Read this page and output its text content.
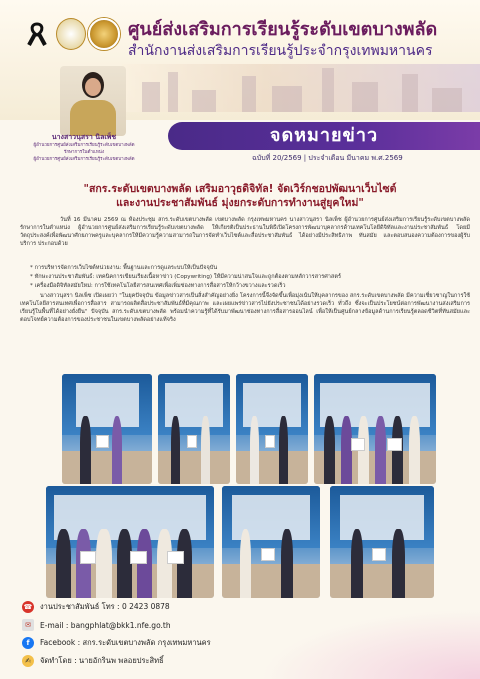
ศูนย์ส่งเสริมการเรียนรู้ระดับเขตบางพลัด
สำนักงานส่งเสริมการเรียนรู้ประจำกรุงเทพมหานคร
นางสาวนุสรา นิลเพ็ช
ผู้อำนวยการศูนย์ส่งเสริมการเรียนรู้ระดับเขตบางพลัด
รักษาการในตำแหน่ง
ผู้อำนวยการศูนย์ส่งเสริมการเรียนรู้ระดับเขตบางพลัด
จดหมายข่าว
ฉบับที่ 20/2569 | ประจำเดือน มีนาคม พ.ศ.2569
"สกร.ระดับเขตบางพลัด เสริมอาวุธดิจิทัล! จัดเวิร์กชอปพัฒนาเว็บไซต์
และงานประชาสัมพันธ์ มุ่งยกระดับการทำงานสู่ยุคใหม่"
วันที่ 16 มีนาคม 2569 ณ ห้องประชุม สกร.ระดับเขตบางพลัด เขตบางพลัด กรุงเทพมหานคร นางสาวนุสรา นิลเพ็ช ผู้อำนวยการศูนย์ส่งเสริมการเรียนรู้ระดับเขตบางพลัด รักษาการในตำแหน่ง ผู้อำนวยการศูนย์ส่งเสริมการเรียนรู้ระดับเขตบางพลัด ให้เกียรติเป็นประธานในพิธีเปิดโครงการพัฒนาบุคลากรด้านเทคโนโลยีดิจิทัลและงานประชาสัมพันธ์ โดยมีวัตถุประสงค์เพื่อพัฒนาศักยภาพครูและบุคลากรให้มีความรู้ความสามารถในการจัดทำเว็บไซต์และสื่อประชาสัมพันธ์ ได้อย่างมีประสิทธิภาพ ทันสมัย และตอบสนองความต้องการของผู้รับบริการ ประกอบด้วย
* การบริหารจัดการเว็บไซต์หน่วยงาน: พื้นฐานและการดูแลระบบให้เป็นปัจจุบัน
* ทักษะงานประชาสัมพันธ์: เทคนิคการเขียนเรียงเนื้อหาข่าว (Copywriting) ให้มีความน่าสนใจและถูกต้องตามหลักวารสารศาสตร์
* เครื่องมือดิจิทัลสมัยใหม่: การใช้เทคโนโลยีสารสนเทศเพื่อเพิ่มช่องทางการสื่อสารให้กว้างขวางและรวดเร็ว
นางสาวนุสรา นิลเพ็ช เปิดเผยว่า "ในยุคปัจจุบัน ข้อมูลข่าวสารเป็นสิ่งสำคัญอย่างยิ่ง โครงการนี้จึงจัดขึ้นเพื่อมุ่งเน้นให้บุคลากรของ สกร.ระดับเขตบางพลัด มีความเชี่ยวชาญในการใช้เทคโนโลยีสารสนเทศเพื่อการสื่อสาร สามารถผลิตสื่อประชาสัมพันธ์ที่มีคุณภาพ และเผยแพร่ข่าวสารไปยังประชาชนได้อย่างรวดเร็ว ทั่วถึง ซึ่งจะเป็นประโยชน์ต่อการพัฒนางานส่งเสริมการเรียนรู้ในพื้นที่ได้อย่างยั่งยืน" ปัจจุบัน สกร.ระดับเขตบางพลัด พร้อมนำความรู้ที่ได้รับมาพัฒนาช่องทางการสื่อสารออนไลน์ เพื่อให้เป็นศูนย์กลางข้อมูลด้านการเรียนรู้ตลอดชีวิตที่ทันสมัยและตอบโจทย์ความต้องการของประชาชนในเขตบางพลัดอย่างแท้จริง
☎ งานประชาสัมพันธ์ โทร : 0 2423 0878
✉	E-mail : bangphlat@bkk1.nfe.go.th
f	Facebook : สกร.ระดับเขตบางพลัด กรุงเทพมหานคร
✍	จัดทำโดย : นายอักรินพ พลอยประสิทธิ์
